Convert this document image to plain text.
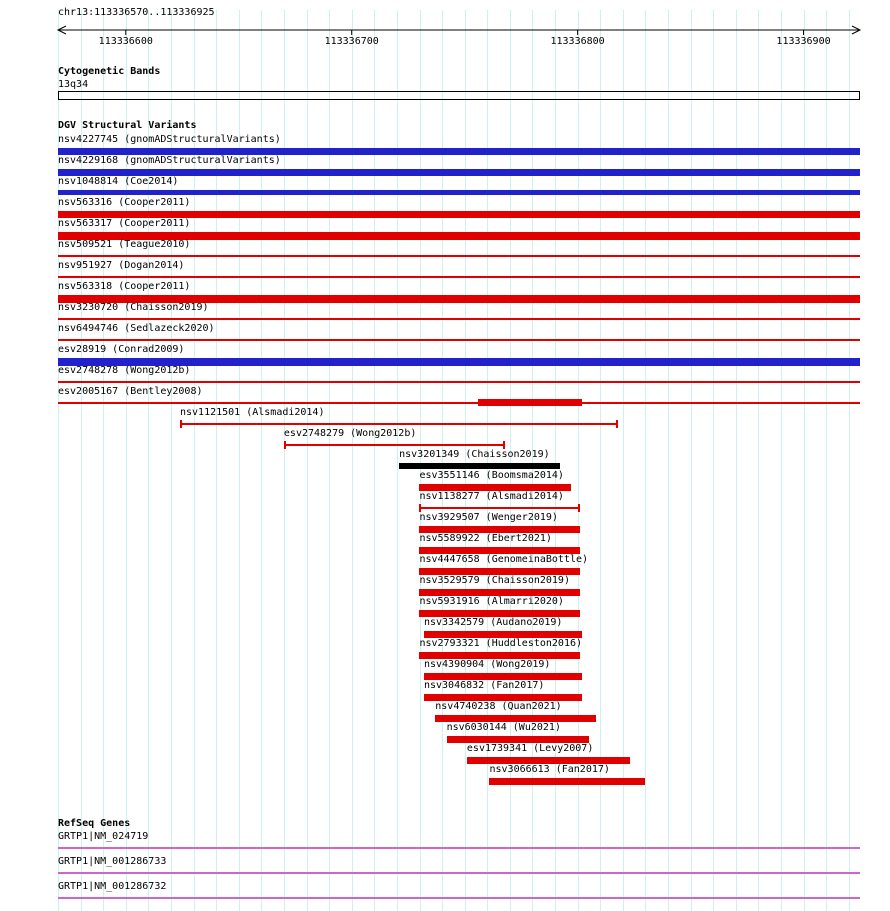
chr13:113336570..113336925
113336600	113336700	113336800	113336900
Cytogenetic Bands
13q34
DGV Structural Variants
nsv4227745 (gnomADStructuralVariants)
nsv4229168 (gnomADStructuralVariants)
nsv1048814 (Coe2014)
nsv563316 (Cooper2011)
nsv563317 (Cooper2011)
nsv509521 (Teague2010)
nsv951927 (Dogan2014)
nsv563318 (Cooper2011)
nsv3230720 (Chaisson2019)
nsv6494746 (Sedlazeck2020)
esv28919 (Conrad2009)
esv2748278 (Wong2012b)
esv2005167 (Bentley2008)
nsv1121501 (Alsmadi2014)
esv2748279 (Wong2012b)
nsv3201349 (Chaisson2019)
esv3551146 (Boomsma2014)
nsv1138277 (Alsmadi2014)
nsv3929507 (Wenger2019)
nsv5589922 (Ebert2021)
nsv4447658 (GenomeinaBottle)
nsv3529579 (Chaisson2019)
nsv5931916 (Almarri2020)
nsv3342579 (Audano2019)
nsv2793321 (Huddleston2016)
nsv4390904 (Wong2019)
nsv3046832 (Fan2017)
nsv4740238 (Quan2021)
nsv6030144 (Wu2021)
esv1739341 (Levy2007)
nsv3066613 (Fan2017)
RefSeq Genes
GRTP1|NM_024719
GRTP1|NM_001286733
GRTP1|NM_001286732
